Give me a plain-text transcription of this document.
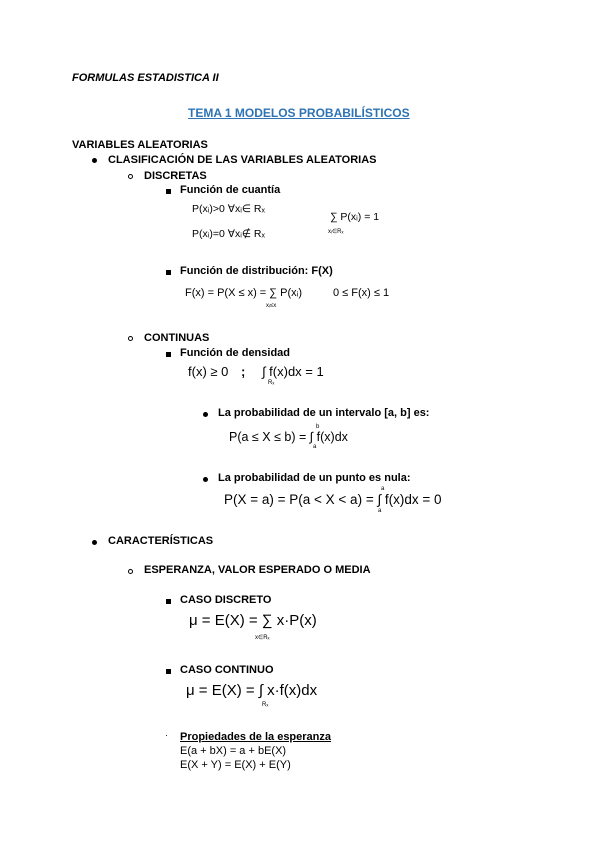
FORMULAS ESTADISTICA II
TEMA 1 MODELOS PROBABILÍSTICOS
VARIABLES ALEATORIAS
CLASIFICACIÓN DE LAS VARIABLES ALEATORIAS
DISCRETAS
Función de cuantía
P(xᵢ)>0 ∀xᵢ∈ Rₓ
P(xᵢ)=0 ∀xᵢ∉ Rₓ
∑ P(xᵢ) = 1
xᵢ∈Rₓ
Función de distribución: F(X)
F(x) = P(X ≤ x) = ∑ P(xᵢ)
xᵢ≤x
0 ≤ F(x) ≤ 1
CONTINUAS
Función de densidad
f(x) ≥ 0 ; ∫ f(x)dx = 1
Rₓ
La probabilidad de un intervalo [a, b] es:
P(a ≤ X ≤ b) = ∫ f(x)dx
b
a
La probabilidad de un punto es nula:
P(X = a) = P(a < X < a) = ∫ f(x)dx = 0
a
a
CARACTERÍSTICAS
ESPERANZA, VALOR ESPERADO O MEDIA
CASO DISCRETO
μ = E(X) = ∑ x·P(x)
x∈Rₓ
CASO CONTINUO
μ = E(X) = ∫ x·f(x)dx
Rₓ
· Propiedades de la esperanza
E(a + bX) = a + bE(X)
E(X + Y) = E(X) + E(Y)
